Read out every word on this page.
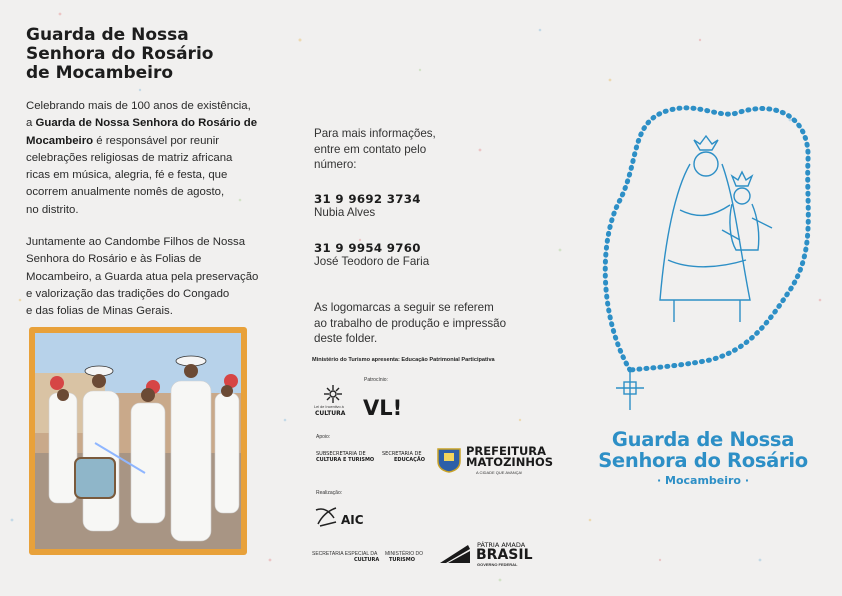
Guarda de Nossa
Senhora do Rosário
de Mocambeiro

Celebrando mais de 100 anos de existência,
a Guarda de Nossa Senhora do Rosário de
Mocambeiro é responsável por reunir
celebrações religiosas de matriz africana
ricas em música, alegria, fé e festa, que
ocorrem anualmente nomês de agosto,
no distrito.

Juntamente ao Candombe Filhos de Nossa
Senhora do Rosário e às Folias de
Mocambeiro, a Guarda atua pela preservação
e valorização das tradições do Congado
e das folias de Minas Gerais.

Para mais informações,
entre em contato pelo
número:

31 9 9692 3734

Nubia Alves

31 9 9954 9760

José Teodoro de Faria

As logomarcas a seguir se referem
ao trabalho de produção e impressão
deste folder.

Ministério do Turismo apresenta: Educação Patrimonial Participativa
Patrocínio:
Lei de Incentivo à
CULTURA VL!
Apoio:
SUBSECRETARIA DE
CULTURA E TURISMO
SECRETARIA DE
EDUCAÇÃO
PREFEITURA
MATOZINHOS
A CIDADE QUE AVANÇA!
Realização:
AIC
SECRETARIA ESPECIAL DA
CULTURA
MINISTÉRIO DO
TURISMO
PÁTRIA AMADA
BRASIL
GOVERNO FEDERAL
Guarda de Nossa
Senhora do Rosário
· Mocambeiro ·
